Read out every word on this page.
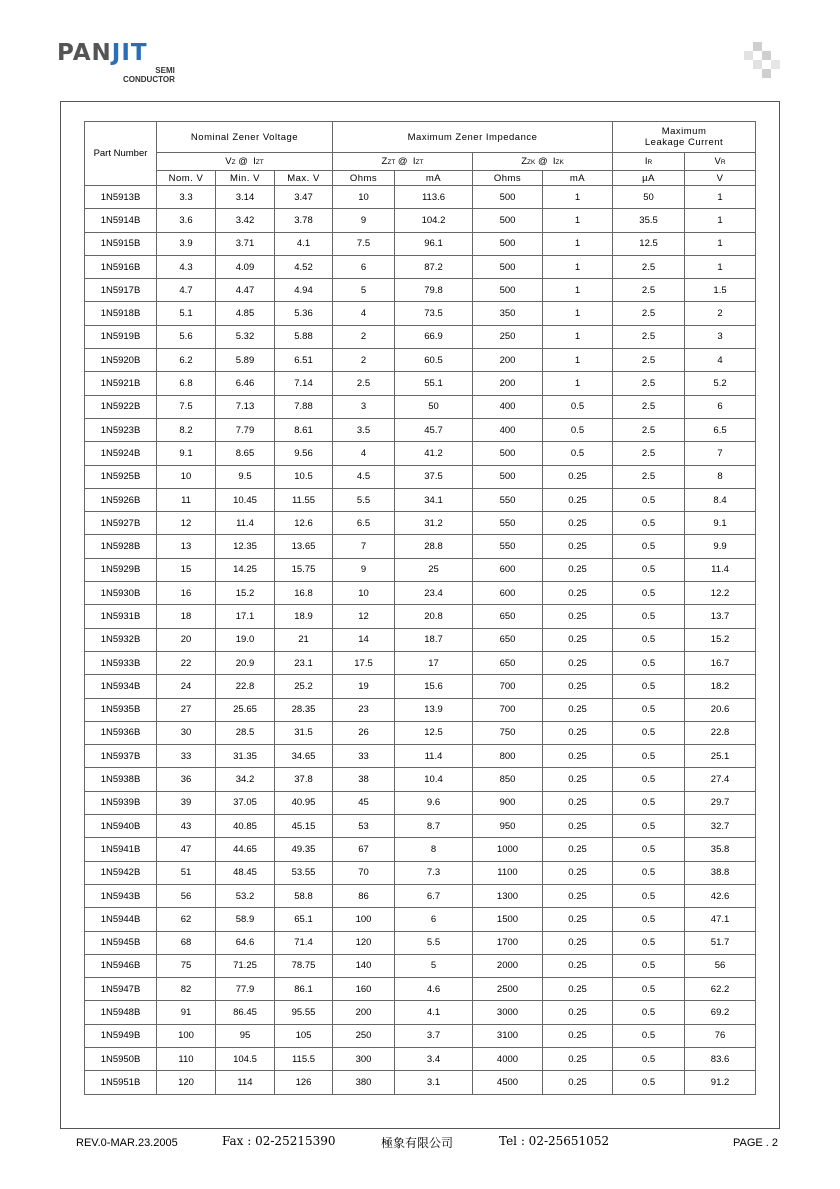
PANJIT
SEMI
CONDUCTOR
Part Number	Nominal Zener Voltage			Maximum Zener Impedance				Maximum
Leakage Current	

	VZ @  IZT			ZZT @  IZT		ZZK @  IZK		IR	VR
	Nom. V	Min. V	Max. V	Ohms	mA	Ohms	mA	µA	V
1N5913B	3.3	3.14	3.47	10	113.6	500	1	50	1
1N5914B	3.6	3.42	3.78	9	104.2	500	1	35.5	1
1N5915B	3.9	3.71	4.1	7.5	96.1	500	1	12.5	1
1N5916B	4.3	4.09	4.52	6	87.2	500	1	2.5	1
1N5917B	4.7	4.47	4.94	5	79.8	500	1	2.5	1.5
1N5918B	5.1	4.85	5.36	4	73.5	350	1	2.5	2
1N5919B	5.6	5.32	5.88	2	66.9	250	1	2.5	3
1N5920B	6.2	5.89	6.51	2	60.5	200	1	2.5	4
1N5921B	6.8	6.46	7.14	2.5	55.1	200	1	2.5	5.2
1N5922B	7.5	7.13	7.88	3	50	400	0.5	2.5	6
1N5923B	8.2	7.79	8.61	3.5	45.7	400	0.5	2.5	6.5
1N5924B	9.1	8.65	9.56	4	41.2	500	0.5	2.5	7
1N5925B	10	9.5	10.5	4.5	37.5	500	0.25	2.5	8
1N5926B	11	10.45	11.55	5.5	34.1	550	0.25	0.5	8.4
1N5927B	12	11.4	12.6	6.5	31.2	550	0.25	0.5	9.1
1N5928B	13	12.35	13.65	7	28.8	550	0.25	0.5	9.9
1N5929B	15	14.25	15.75	9	25	600	0.25	0.5	11.4
1N5930B	16	15.2	16.8	10	23.4	600	0.25	0.5	12.2
1N5931B	18	17.1	18.9	12	20.8	650	0.25	0.5	13.7
1N5932B	20	19.0	21	14	18.7	650	0.25	0.5	15.2
1N5933B	22	20.9	23.1	17.5	17	650	0.25	0.5	16.7
1N5934B	24	22.8	25.2	19	15.6	700	0.25	0.5	18.2
1N5935B	27	25.65	28.35	23	13.9	700	0.25	0.5	20.6
1N5936B	30	28.5	31.5	26	12.5	750	0.25	0.5	22.8
1N5937B	33	31.35	34.65	33	11.4	800	0.25	0.5	25.1
1N5938B	36	34.2	37.8	38	10.4	850	0.25	0.5	27.4
1N5939B	39	37.05	40.95	45	9.6	900	0.25	0.5	29.7
1N5940B	43	40.85	45.15	53	8.7	950	0.25	0.5	32.7
1N5941B	47	44.65	49.35	67	8	1000	0.25	0.5	35.8
1N5942B	51	48.45	53.55	70	7.3	1100	0.25	0.5	38.8
1N5943B	56	53.2	58.8	86	6.7	1300	0.25	0.5	42.6
1N5944B	62	58.9	65.1	100	6	1500	0.25	0.5	47.1
1N5945B	68	64.6	71.4	120	5.5	1700	0.25	0.5	51.7
1N5946B	75	71.25	78.75	140	5	2000	0.25	0.5	56
1N5947B	82	77.9	86.1	160	4.6	2500	0.25	0.5	62.2
1N5948B	91	86.45	95.55	200	4.1	3000	0.25	0.5	69.2
1N5949B	100	95	105	250	3.7	3100	0.25	0.5	76
1N5950B	110	104.5	115.5	300	3.4	4000	0.25	0.5	83.6
1N5951B	120	114	126	380	3.1	4500	0.25	0.5	91.2
REV.0-MAR.23.2005	Fax : 02-25215390	極象有限公司	Tel : 02-25651052	PAGE . 2
